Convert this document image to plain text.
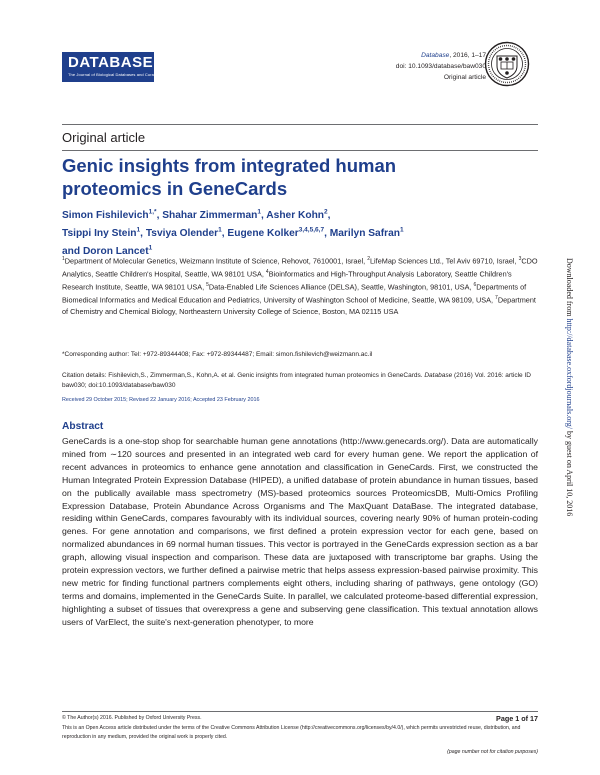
DATABASE
The Journal of Biological Databases and Curation
Database, 2016, 1–17
doi: 10.1093/database/baw030
Original article
Original article
Genic insights from integrated human proteomics in GeneCards
Simon Fishilevich$^{1,*}$, Shahar Zimmerman$^1$, Asher Kohn$^2$,
Tsippi Iny Stein$^1$, Tsviya Olender$^1$, Eugene Kolker$^{3,4,5,6,7}$, Marilyn Safran$^1$
and Doron Lancet$^1$
$^1$Department of Molecular Genetics, Weizmann Institute of Science, Rehovot, 7610001, Israel, $^2$LifeMap Sciences Ltd., Tel Aviv 69710, Israel, $^3$CDO Analytics, Seattle Children's Hospital, Seattle, WA 98101 USA, $^4$Bioinformatics and High-Throughput Analysis Laboratory, Seattle Children's Research Institute, Seattle, WA 98101 USA, $^5$Data-Enabled Life Sciences Alliance (DELSA), Seattle, Washington, 98101, USA, $^6$Departments of Biomedical Informatics and Medical Education and Pediatrics, University of Washington School of Medicine, Seattle, WA 98109, USA, $^7$Department of Chemistry and Chemical Biology, Northeastern University College of Science, Boston, MA 02115 USA
*Corresponding author: Tel: +972-89344408; Fax: +972-89344487; Email: simon.fishilevich@weizmann.ac.il
Citation details: Fishilevich,S., Zimmerman,S., Kohn,A. et al. Genic insights from integrated human proteomics in GeneCards. Database (2016) Vol. 2016: article ID baw030; doi:10.1093/database/baw030
Received 29 October 2015; Revised 22 January 2016; Accepted 23 February 2016
Abstract

GeneCards is a one-stop shop for searchable human gene annotations (http://www.genecards.org/). Data are automatically mined from ∼120 sources and presented in an integrated web card for every human gene. We report the application of recent advances in proteomics to enhance gene annotation and classification in GeneCards. First, we constructed the Human Integrated Protein Expression Database (HIPED), a unified database of protein abundance in human tissues, based on the publically available mass spectrometry (MS)-based proteomics sources ProteomicsDB, Multi-Omics Profiling Expression Database, Protein Abundance Across Organisms and The MaxQuant DataBase. The integrated database, residing within GeneCards, compares favourably with its individual sources, covering nearly 90% of human protein-coding genes. For gene annotation and comparisons, we first defined a protein expression vector for each gene, based on normalized abundances in 69 normal human tissues. This vector is portrayed in the GeneCards expression section as a bar graph, allowing visual inspection and comparison. These data are juxtaposed with transcriptome bar graphs. Using the protein expression vectors, we further defined a pairwise metric that helps assess expression-based pairwise proximity. This new metric for finding functional partners complements eight others, including sharing of pathways, gene ontology (GO) terms and domains, implemented in the GeneCards Suite. In parallel, we calculated proteome-based differential expression, highlighting a subset of tissues that overexpress a gene and subserving gene classification. This textual annotation allows users of VarElect, the suite's next-generation phenotyper, to more

© The Author(s) 2016. Published by Oxford University Press.	Page 1 of 17
This is an Open Access article distributed under the terms of the Creative Commons Attribution License (http://creativecommons.org/licenses/by/4.0/), which permits unrestricted reuse, distribution, and reproduction in any medium, provided the original work is properly cited.
(page number not for citation purposes)
Downloaded from http://database.oxfordjournals.org/ by guest on April 10, 2016
